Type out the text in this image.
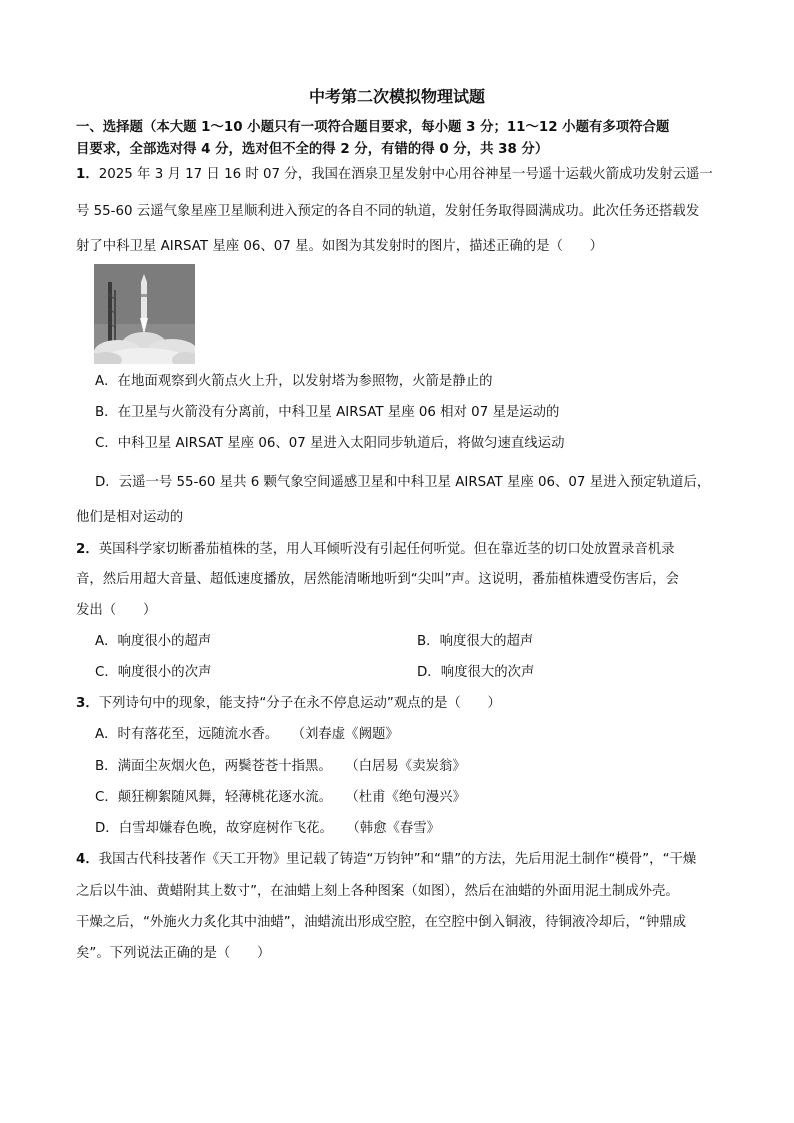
中考第二次模拟物理试题
一、选择题（本大题 1～10 小题只有一项符合题目要求，每小题 3 分；11～12 小题有多项符合题
目要求，全部选对得 4 分，选对但不全的得 2 分，有错的得 0 分，共 38 分）
1．2025 年 3 月 17 日 16 时 07 分，我国在酒泉卫星发射中心用谷神星一号遥十运载火箭成功发射云遥一
号 55-60 云遥气象星座卫星顺利进入预定的各自不同的轨道，发射任务取得圆满成功。此次任务还搭载发
射了中科卫星 AIRSAT 星座 06、07 星。如图为其发射时的图片，描述正确的是（　　）
A．在地面观察到火箭点火上升，以发射塔为参照物，火箭是静止的
B．在卫星与火箭没有分离前，中科卫星 AIRSAT 星座 06 相对 07 星是运动的
C．中科卫星 AIRSAT 星座 06、07 星进入太阳同步轨道后，将做匀速直线运动
D．云遥一号 55-60 星共 6 颗气象空间遥感卫星和中科卫星 AIRSAT 星座 06、07 星进入预定轨道后，
他们是相对运动的
2．英国科学家切断番茄植株的茎，用人耳倾听没有引起任何听觉。但在靠近茎的切口处放置录音机录
音，然后用超大音量、超低速度播放，居然能清晰地听到“尖叫”声。这说明，番茄植株遭受伤害后，会
发出（　　）
A．响度很小的超声	B．响度很大的超声
C．响度很小的次声	D．响度很大的次声
3．下列诗句中的现象，能支持“分子在永不停息运动”观点的是（　　）
A．时有落花至，远随流水香。　　（刘春虚《阙题》
B．满面尘灰烟火色，两鬓苍苍十指黑。　　（白居易《卖炭翁》
C．颠狂柳絮随风舞，轻薄桃花逐水流。　　（杜甫《绝句漫兴》
D．白雪却嫌春色晚，故穿庭树作飞花。　　（韩愈《春雪》
4．我国古代科技著作《天工开物》里记载了铸造“万钧钟”和“鼎”的方法，先后用泥土制作“模骨”，“干燥
之后以牛油、黄蜡附其上数寸”，在油蜡上刻上各种图案（如图），然后在油蜡的外面用泥土制成外壳。
干燥之后，“外施火力炙化其中油蜡”，油蜡流出形成空腔，在空腔中倒入铜液，待铜液冷却后，“钟鼎成
矣”。下列说法正确的是（　　）
